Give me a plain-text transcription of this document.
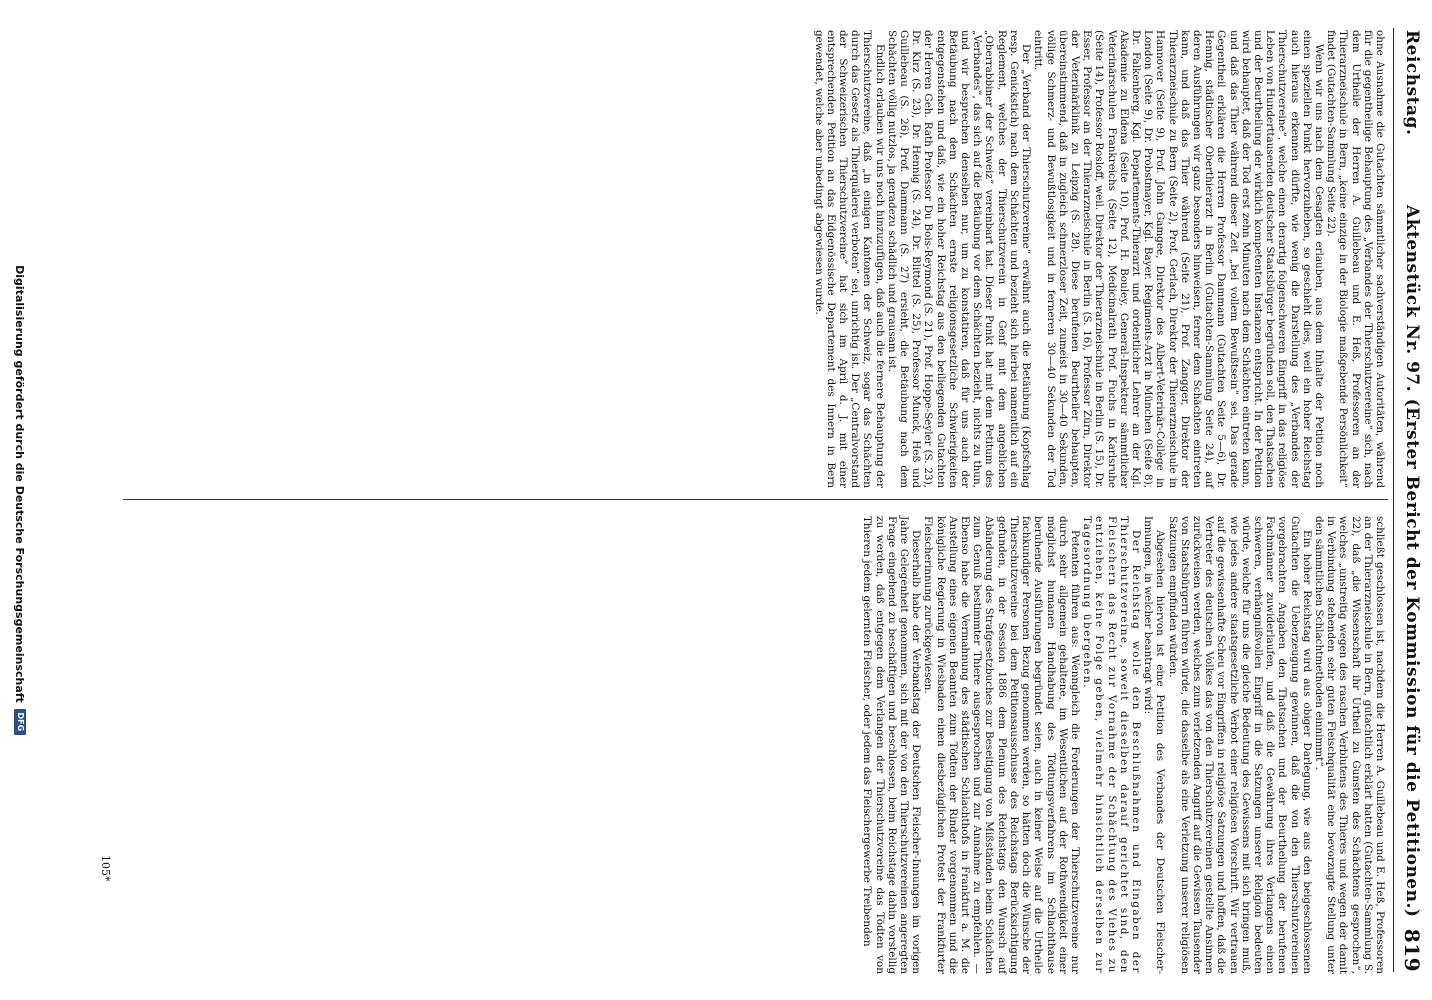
Reichstag.
Aktenstück Nr. 97. (Erster Bericht der Kommission für die Petitionen.)
819

ohne Ausnahme die Gutachten sämmtlicher sachverständigen Autoritäten, während für die gegentheilige Behauptung des „Verbandes der Thierschutzvereine“ sich, nach dem Urtheile der Herren A. Guillebeau und E. Heß, Professoren an der Thierarzneischule in Bern, „keine einzige in der Biologie maßgebende Persönlichkeit“ findet (Gutachten-Sammlung Seite 22).

Wenn wir uns nach dem Gesagten erlauben, aus dem Inhalte der Petition noch einen speziellen Punkt hervorzuheben, so geschieht dies, weil ein hoher Reichstag auch hieraus erkennen dürfte, wie wenig die Darstellung des „Verbandes der Thierschutzvereine“, welche einen derartig folgenschweren Eingriff in das religiöse Leben von Hunderttausenden deutscher Staatsbürger begründen soll, den Thatsachen und der Beurtheilung der wirklich kompetenten Instanzen entspricht. In der Petition wird behauptet, daß der Tod erst zehn Minuten nach dem Schächten eintreten kann, und daß das Thier während dieser Zeit „bei vollem Bewußtsein“ sei. Das gerade Gegentheil erklären die Herren Professor Dammann (Gutachten Seite 5—6), Dr. Hennig, städtischer Oberthierarzt in Berlin (Gutachten-Sammlung Seite 24), auf deren Ausführungen wir ganz besonders hinweisen, ferner dem Schächten eintreten kann, und daß das Thier während (Seite 21), Prof. Zangger, Direktor der Thierarzneischule zu Bern (Seite 2), Prof. Gerlach, Direktor der Thierarzneischule in Hannover (Seite 9), Prof. John Gamgee, Direktor des Albert-Veterinär-Collège in London (Seite 9), Dr. Probstmayer, Kgl. Bayer. Regiments-Arzt in München (Seite 8), Dr. Falkenberg, Kgl. Departements-Thierarzt und ordentlicher Lehrer an der Kgl. Akademie zu Eldena (Seite 10), Prof. H. Bouley, General-Inspekteur sämmtlicher Veterinärschulen Frankreichs (Seite 12), Medicinalrath Prof. Fuchs in Karlsruhe (Seite 14), Professor Rosloff, weil. Direktor der Thierarzneischule in Berlin (S. 15), Dr. Esser, Professor an der Thierarzneischule in Berlin (S. 16), Professor Zürn, Direktor der Veterinärklinik zu Leipzig (S. 28). Diese berufenen Beurtheiler behaupten, übereinstimmend, daß in zugleich schmerzloser Zeit, zumeist in 30—40 Sekunden, völlige Schmerz- und Bewußtlosigkeit und in ferneren 30—40 Sekunden der Tod eintritt.

Der „Verband der Thierschutzvereine“ erwähnt auch die Betäubung (Kopfschlag resp. Genickstich) nach dem Schächten und bezieht sich hierbei namentlich auf ein Reglement, welches der Thierschutzverein in Genf mit dem angeblichen „Oberrabbiner der Schweiz“ vereinbart hat. Dieser Punkt hat mit dem Petitum des „Verbandes“, das sich auf die Betäubung vor dem Schächten bezieht, nichts zu thun, und wir besprechen denselben nur, um zu konstatiren, daß für uns auch der Betäubung nach dem Schächten ernste religionsgesetzliche Schwierigkeiten entgegenstehen und daß, wie ein hoher Reichstag aus den beiliegenden Gutachten der Herren Geh. Rath Professor Du Bois-Reymond (S. 21), Prof. Hoppe-Seyler (S. 23), Dr. Kirz (S. 23), Dr. Hennig (S. 24), Dr. Blittel (S. 25), Professor Munck, Heß und Guillebeau (S. 26), Prof. Dammann (S. 27) ersieht, die Betäubung nach dem Schächten völlig nutzlos, ja geradezu schädlich und grausam ist.

Endlich erlauben wir uns noch hinzuzufügen, daß auch die fernere Behauptung der Thierschutzvereine, daß „in einigen Kantonen der Schweiz, sogar das Schächten durch das Gesetz als Thierquälerei verboten“ sei, unrichtig ist. Der „Centralvorstand der Schweizerischen Thierschutzvereine“ hat sich im April d. J. mit einer entsprechenden Petition an das Eidgenössische Departement des Innern in Bern gewendet, welche aber unbedingt abgewiesen wurde.

schließt geschlossen ist, nachdem die Herren A. Guillebeau und E. Heß, Professoren an der Thierarzneischule in Bern, gutachtlich erklärt hatten (Gutachten-Sammlung S. 22), daß „die Wissenschaft ihr Urtheil zu Gunsten des Schächtens gesprochen“, welches „unstreitig wegen des raschen Verblutens des Thieres und wegen der damit in Verbindung stehenden sehr guten Fleischqualität eine bevorzugte Stellung unter den sämmtlichen Schlachtmethoden einnimmt“.

Ein hoher Reichstag wird aus obiger Darlegung, wie aus den beigeschlossenen Gutachten die Ueberzeugung gewinnen, daß die von den Thierschutzvereinen vorgebrachten Angaben den Thatsachen und der Beurtheilung der berufenen Fachmänner zuwiderlaufen, und daß die Gewährung ihres Verlangens einen schweren, verhängnißvollen Eingriff in die Satzungen unserer Religion bedeuten würde, welche für uns die gleiche Bedeutung des Gewissens mit sich bringen muß, wie jedes andere staatsgesetzliche Verbot einer religiösen Vorschrift. Wir vertrauen auf die gewissenhafte Scheu vor Eingriffen in religiöse Satzungen und hoffen, daß die Vertreter des deutschen Volkes das von den Thierschutzvereinen gestellte Ansinnen zurückweisen werden, welches zum verletzenden Angriff auf die Gewissen Tausender von Staatsbürgern führen würde, die dasselbe als eine Verletzung unserer religiösen Satzungen empfinden würden.

Abgesehen hiervon ist eine Petition des Verbandes der Deutschen Fleischer-Innungen, in welcher beantragt wird:

Der Reichstag wolle den Beschlußnahmen und Eingaben der Thierschutzvereine, soweit dieselben darauf gerichtet sind, den Fleischern das Recht zur Vornahme der Schächtung des Viehes zu entziehen, keine Folge geben, vielmehr hinsichtlich derselben zur Tagesordnung übergehen.

Petenten führen aus: Wenngleich die Forderungen der Thierschutzvereine nur durch sehr allgemein gehaltene, im Wesentlichen auf der Rothwendigkeit einer möglichst humanen Handhabung des Tödtungsverfahrens im Schlachthause beruhende Ausführungen begründet seien, auch in keiner Weise auf die Urtheile fachkundiger Personen Bezug genommen werden, so hätten doch die Wünsche der Thierschutzvereine bei dem Petitionsausschusse des Reichstags Berücksichtigung gefunden, in der Session 1886 dem Plenum des Reichstags den Wunsch auf Abänderung des Strafgesetzbuches zur Beseitigung von Mißständen beim Schächten zum Genuß bestimmter Thiere ausgesprochen und zur Annahme zu empfehlen. — Ebenso habe die Vermahnung des städtischen Schlachthofs in Frankfurt a. M. die Anstellung eines eigenen Beamten zum Tödten der Rinder vorgenommen und die königliche Regierung in Wiesbaden einen diesbezüglichen Protest der Frankfurter Fleischerinnung zurückgewiesen.

Dieserhalb habe der Verbandstag der Deutschen Fleischer-Innungen im vorigen Jahre Gelegenheit genommen, sich mit der von den Thierschutzvereinen angeregten Frage eingehend zu beschäftigen und beschlossen, beim Reichstage dahin vorstellig zu werden, daß entgegen dem Verlangen der Thierschutzvereine das Tödten von Thieren jedem gelernten Fleischer, oder jedem das Fleischergewerbe Treibenden

105*
Digitalisierung gefördert durch die Deutsche Forschungsgemeinschaft
DFG
